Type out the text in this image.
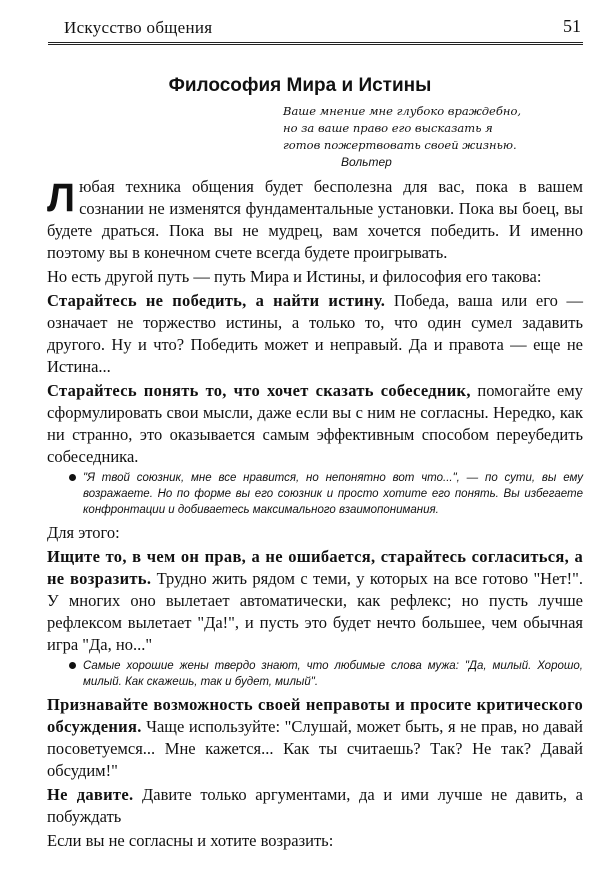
Искусство общения	51
Философия Мира и Истины
Ваше мнение мне глубоко враждебно,
но за ваше право его высказать я
готов пожертвовать своей жизнью.
Вольтер

Любая техника общения будет бесполезна для вас, пока в вашем сознании не изменятся фундаментальные установки. Пока вы боец, вы будете драться. Пока вы не мудрец, вам хочется победить. И именно поэтому вы в конечном счете всегда будете проигрывать.

Но есть другой путь — путь Мира и Истины, и философия его такова:

Старайтесь не победить, а найти истину. Победа, ваша или его — означает не торжество истины, а только то, что один сумел задавить другого. Ну и что? Победить может и неправый. Да и правота — еще не Истина...

Старайтесь понять то, что хочет сказать собеседник, помогайте ему сформулировать свои мысли, даже если вы с ним не согласны. Нередко, как ни странно, это оказывается самым эффективным способом переубедить собеседника.

"Я твой союзник, мне все нравится, но непонятно вот что...", — по сути, вы ему возражаете. Но по форме вы его союзник и просто хотите его понять. Вы избегаете конфронтации и добиваетесь максимального взаимопонимания.

Для этого:

Ищите то, в чем он прав, а не ошибается, старайтесь согласиться, а не возразить. Трудно жить рядом с теми, у которых на все готово "Нет!". У многих оно вылетает автоматически, как рефлекс; но пусть лучше рефлексом вылетает "Да!", и пусть это будет нечто большее, чем обычная игра "Да, но..."

Самые хорошие жены твердо знают, что любимые слова мужа: "Да, милый. Хорошо, милый. Как скажешь, так и будет, милый".

Признавайте возможность своей неправоты и просите критического обсуждения. Чаще используйте: "Слушай, может быть, я не прав, но давай посоветуемся... Мне кажется... Как ты считаешь? Так? Не так? Давай обсудим!"

Не давите. Давите только аргументами, да и ими лучше не давить, а побуждать

Если вы не согласны и хотите возразить:
